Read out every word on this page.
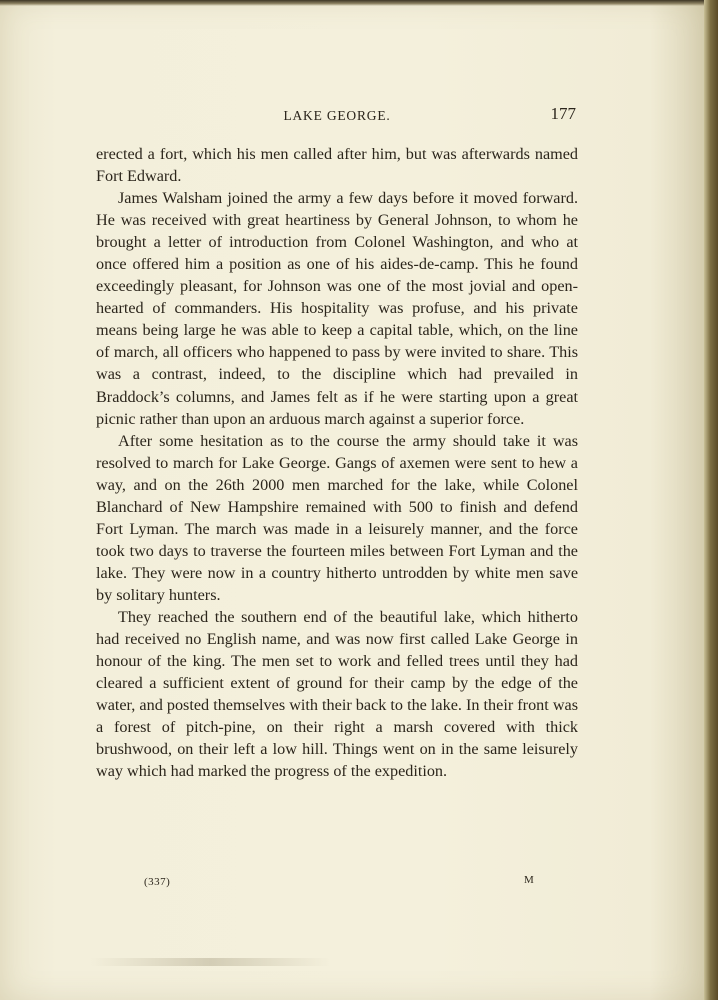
LAKE GEORGE.	177

erected a fort, which his men called after him, but was afterwards named Fort Edward.

James Walsham joined the army a few days before it moved forward. He was received with great heartiness by General Johnson, to whom he brought a letter of introduction from Colonel Washington, and who at once offered him a position as one of his aides-de-camp. This he found exceedingly pleasant, for Johnson was one of the most jovial and open-hearted of commanders. His hospitality was profuse, and his private means being large he was able to keep a capital table, which, on the line of march, all officers who happened to pass by were invited to share. This was a contrast, indeed, to the discipline which had prevailed in Braddock’s columns, and James felt as if he were starting upon a great picnic rather than upon an arduous march against a superior force.

After some hesitation as to the course the army should take it was resolved to march for Lake George. Gangs of axemen were sent to hew a way, and on the 26th 2000 men marched for the lake, while Colonel Blanchard of New Hampshire remained with 500 to finish and defend Fort Lyman. The march was made in a leisurely manner, and the force took two days to traverse the fourteen miles between Fort Lyman and the lake. They were now in a country hitherto untrodden by white men save by solitary hunters.

They reached the southern end of the beautiful lake, which hitherto had received no English name, and was now first called Lake George in honour of the king. The men set to work and felled trees until they had cleared a sufficient extent of ground for their camp by the edge of the water, and posted themselves with their back to the lake. In their front was a forest of pitch-pine, on their right a marsh covered with thick brushwood, on their left a low hill. Things went on in the same leisurely way which had marked the progress of the expedition.

(337)	M
